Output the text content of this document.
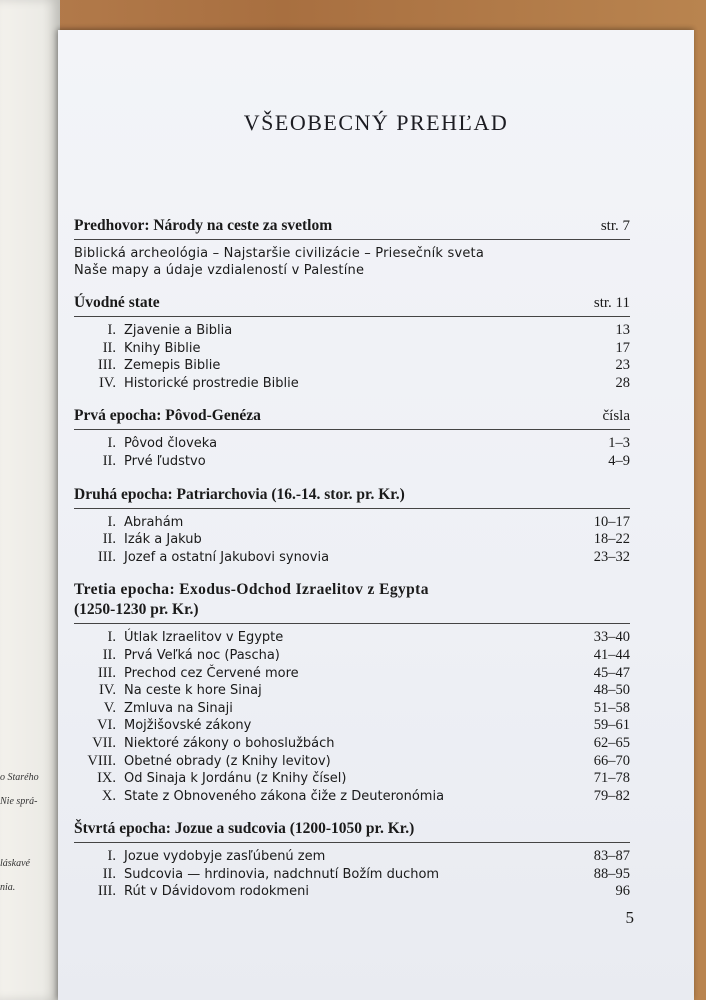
o Starého
Nie sprá-
láskavé
nia.
VŠEOBECNÝ PREHĽAD
Predhovor: Národy na ceste za svetlom	str. 7
Biblická archeológia – Najstaršie civilizácie – Priesečník sveta
Naše mapy a údaje vzdialeností v Palestíne
Úvodné state	str. 11
I. Zjavenie a Biblia	13
II. Knihy Biblie	17
III. Zemepis Biblie	23
IV. Historické prostredie Biblie	28
Prvá epocha: Pôvod-Genéza	čísla
I. Pôvod človeka	1–3
II. Prvé ľudstvo	4–9
Druhá epocha: Patriarchovia (16.-14. stor. pr. Kr.)
I. Abrahám	10–17
II. Izák a Jakub	18–22
III. Jozef a ostatní Jakubovi synovia	23–32
Tretia epocha: Exodus-Odchod Izraelitov z Egypta
(1250-1230 pr. Kr.)
I. Útlak Izraelitov v Egypte	33–40
II. Prvá Veľká noc (Pascha)	41–44
III. Prechod cez Červené more	45–47
IV. Na ceste k hore Sinaj	48–50
V. Zmluva na Sinaji	51–58
VI. Mojžišovské zákony	59–61
VII. Niektoré zákony o bohoslužbách	62–65
VIII. Obetné obrady (z Knihy levitov)	66–70
IX. Od Sinaja k Jordánu (z Knihy čísel)	71–78
X. State z Obnoveného zákona čiže z Deuteronómia	79–82
Štvrtá epocha: Jozue a sudcovia (1200-1050 pr. Kr.)
I. Jozue vydobyje zasľúbenú zem	83–87
II. Sudcovia — hrdinovia, nadchnutí Božím duchom	88–95
III. Rút v Dávidovom rodokmeni	96
5
